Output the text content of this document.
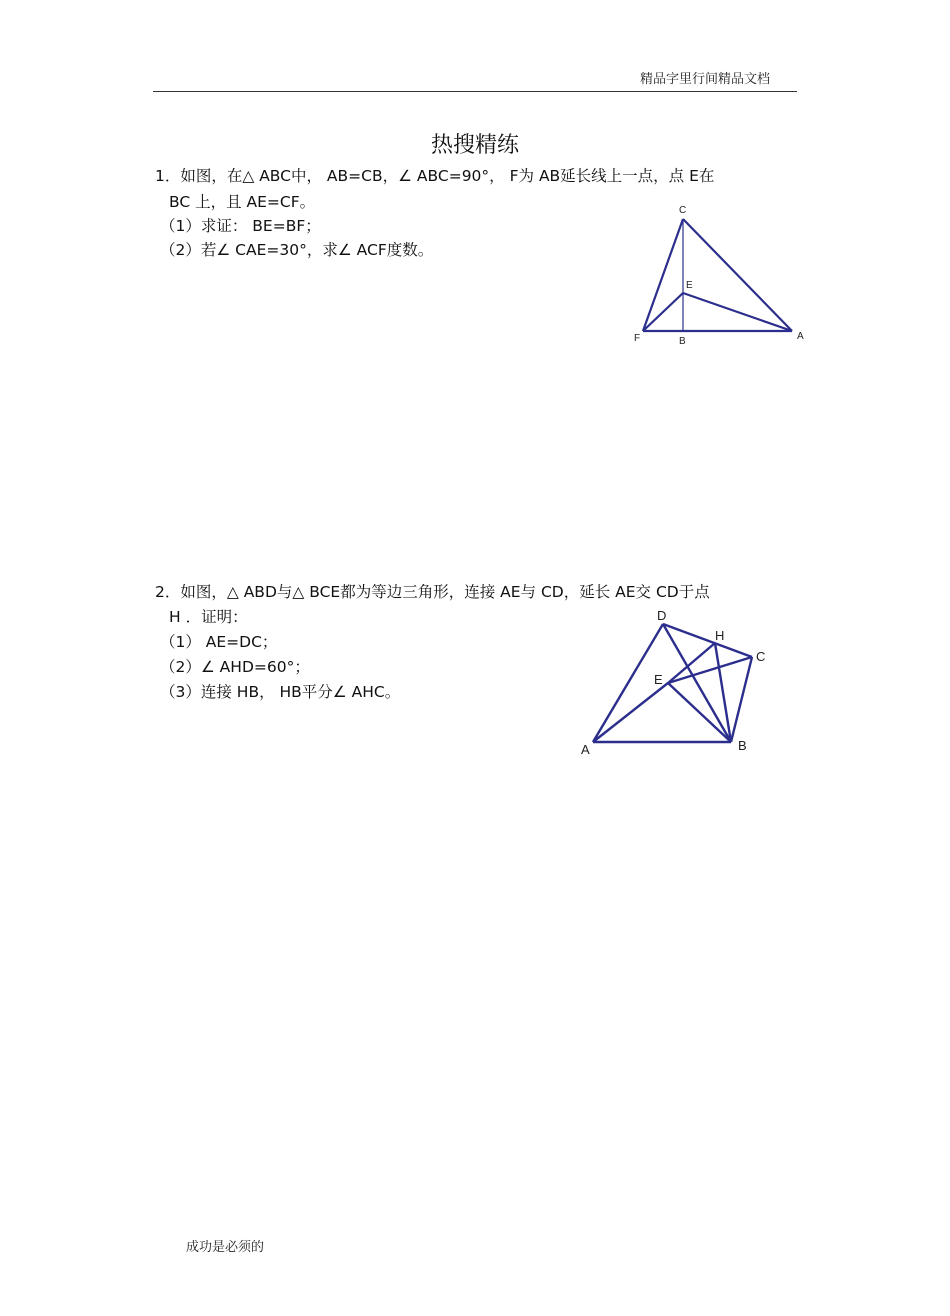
精品字里行间精品文档
热搜精练
1．如图，在△ ABC中， AB=CB，∠ ABC=90°， F为 AB延长线上一点，点 E在
BC 上，且 AE=CF。
（1）求证： BE=BF；
（2）若∠ CAE=30°，求∠ ACF度数。
C
E
F	B	A
D
H
C
E
A	B
2．如图，△ ABD与△ BCE都为等边三角形，连接 AE与 CD，延长 AE交 CD于点
H ．证明：
（1） AE=DC；
（2）∠ AHD=60°；
（3）连接 HB， HB平分∠ AHC。
成功是必须的
